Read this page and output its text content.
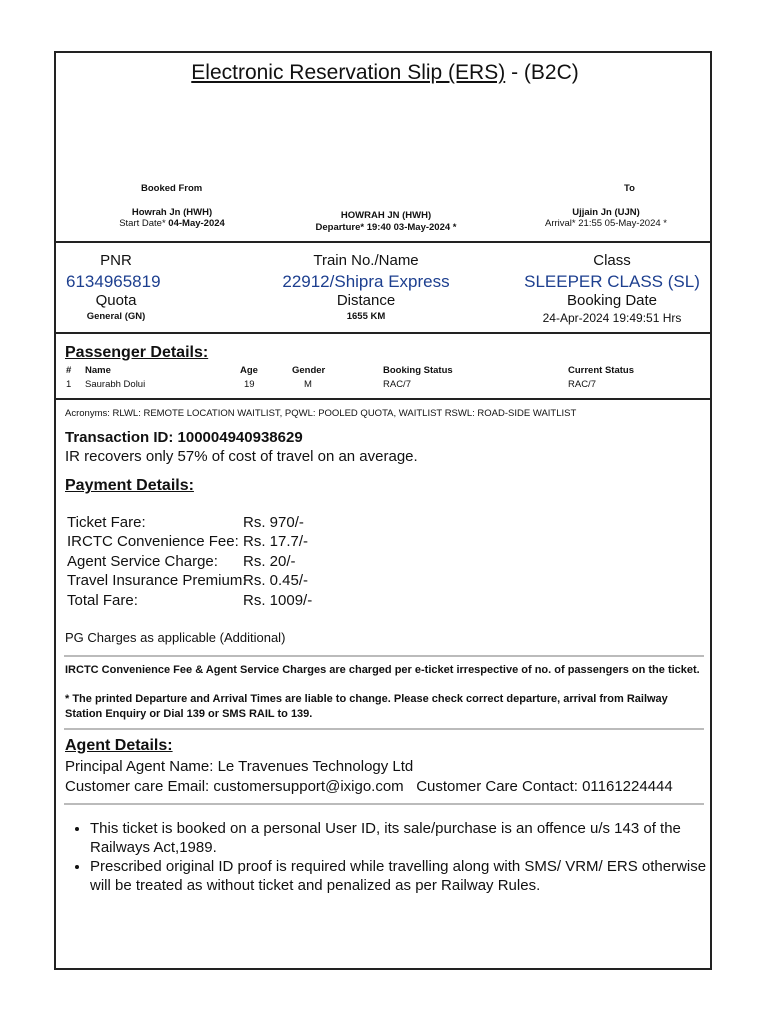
Electronic Reservation Slip (ERS) - (B2C)
Booked From	To
Howrah Jn (HWH)
Start Date* 04-May-2024
HOWRAH JN (HWH)
Departure* 19:40 03-May-2024 *
Ujjain Jn (UJN)
Arrival* 21:55 05-May-2024 *
PNR
6134965819
Train No./Name
22912/Shipra Express
Class
SLEEPER CLASS (SL)
Quota
General (GN)
Distance
1655 KM
Booking Date
24-Apr-2024 19:49:51 Hrs
Passenger Details:
# Name	Age	Gender	Booking Status	Current Status
1 Saurabh Dolui	19	M	RAC/7	RAC/7
Acronyms: RLWL: REMOTE LOCATION WAITLIST, PQWL: POOLED QUOTA, WAITLIST RSWL: ROAD-SIDE WAITLIST
Transaction ID: 100004940938629
IR recovers only 57% of cost of travel on an average.
Payment Details:
Ticket Fare:	Rs. 970/-
IRCTC Convenience Fee: Rs. 17.7/-
Agent Service Charge: Rs. 20/-
Travel Insurance Premium:
Rs. 0.45/-
Total Fare:	Rs. 1009/-
PG Charges as applicable (Additional)
IRCTC Convenience Fee & Agent Service Charges are charged per e-ticket irrespective of no. of passengers on the ticket.
* The printed Departure and Arrival Times are liable to change. Please check correct departure, arrival from Railway Station Enquiry or Dial 139 or SMS RAIL to 139.
Agent Details:
Principal Agent Name: Le Travenues Technology Ltd
Customer care Email: customersupport@ixigo.com Customer Care Contact: 01161224444
• This ticket is booked on a personal User ID, its sale/purchase is an offence u/s 143 of the Railways Act,1989.
• Prescribed original ID proof is required while travelling along with SMS/ VRM/ ERS otherwise will be treated as without ticket and penalized as per Railway Rules.
